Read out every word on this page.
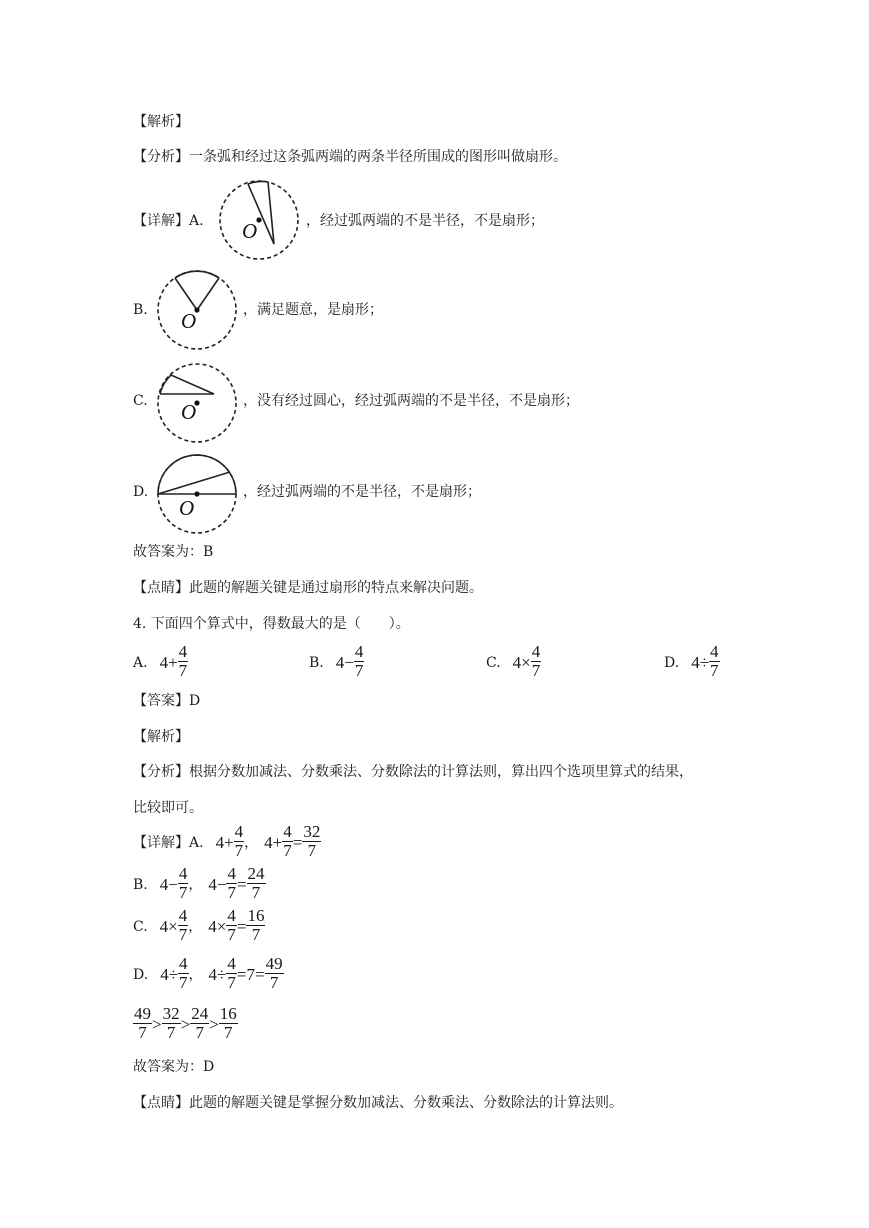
【解析】
【分析】一条弧和经过这条弧两端的两条半径所围成的图形叫做扇形。
【详解】A. O	，经过弧两端的不是半径，不是扇形；
B. O	，满足题意，是扇形；
C. O	，没有经过圆心，经过弧两端的不是半径，不是扇形；
D.
O
，经过弧两端的不是半径，不是扇形；
故答案为：B
【点睛】此题的解题关键是通过扇形的特点来解决问题。
4. 下面四个算式中，得数最大的是（　　）。
A. $4 + \frac{4}{7}$	B. $4 - \frac{4}{7}$	C. $4 \times \frac{4}{7}$	D. $4 \div \frac{4}{7}$
【答案】D
【解析】
【分析】根据分数加减法、分数乘法、分数除法的计算法则，算出四个选项里算式的结果，
比较即可。
【详解】 A. $4 + \frac{4}{7}$ ， $4 + \frac{4}{7} = \frac{32}{7}$
B. $4 - \frac{4}{7}$ ， $4 - \frac{4}{7} = \frac{24}{7}$
C. $4 \times \frac{4}{7}$ ， $4 \times \frac{4}{7} = \frac{16}{7}$
D. $4 \div \frac{4}{7}$ ， $4 \div \frac{4}{7} = 7 = \frac{49}{7}$
$\frac{49}{7} > \frac{32}{7} > \frac{24}{7} > \frac{16}{7}$
故答案为：D
【点睛】此题的解题关键是掌握分数加减法、分数乘法、分数除法的计算法则。
